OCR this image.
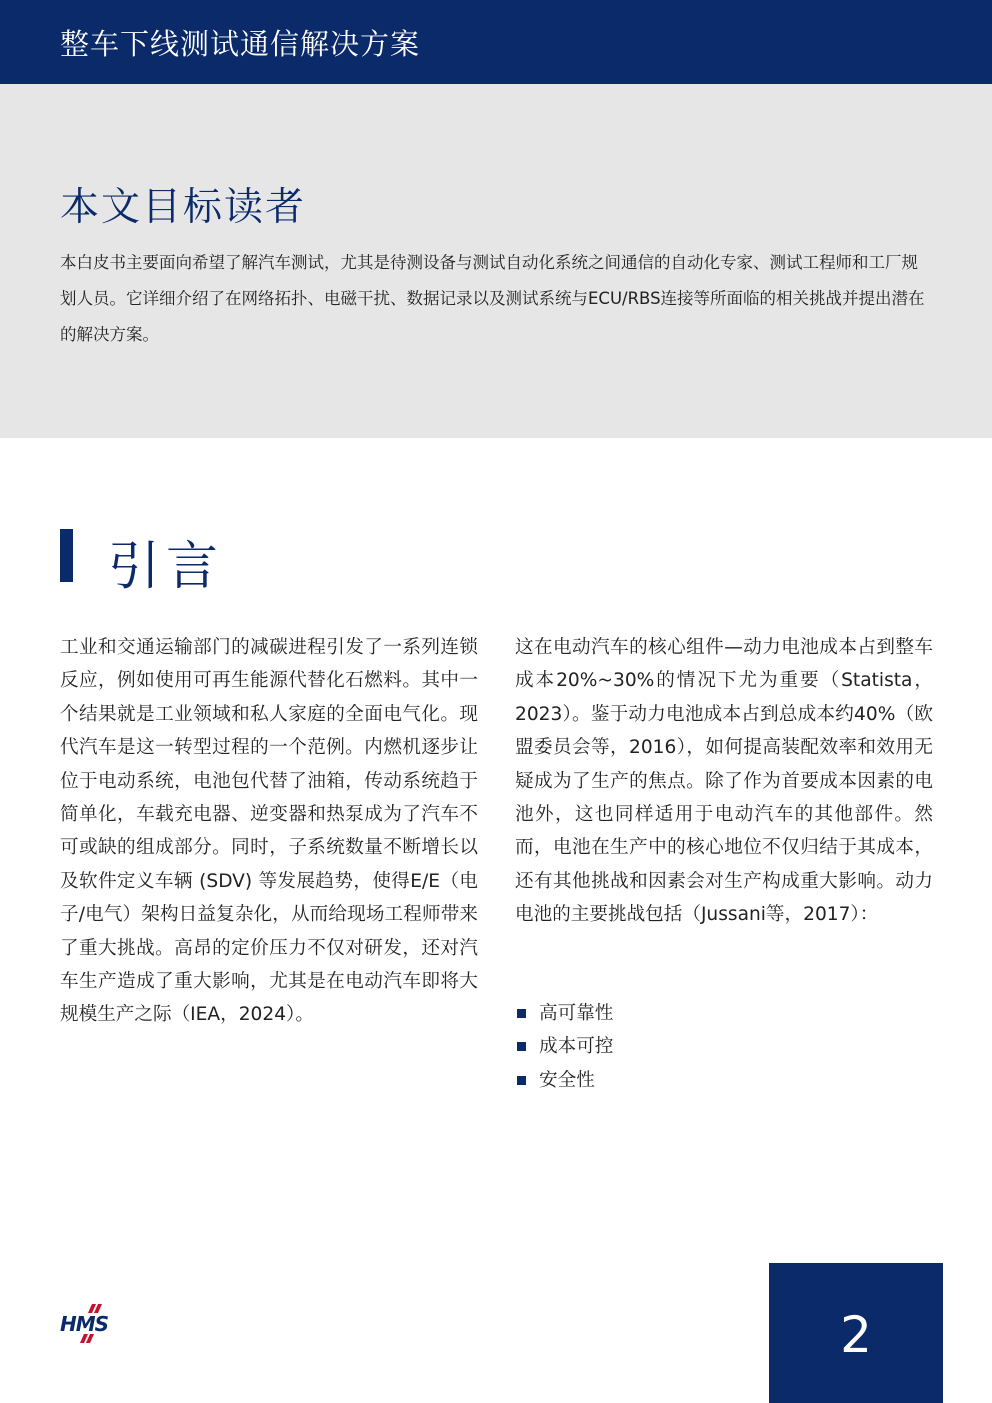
整车下线测试通信解决方案
本文目标读者
本白皮书主要面向希望了解汽车测试，尤其是待测设备与测试自动化系统之间通信的自动化专家、测试工程师和工厂规划人员。它详细介绍了在网络拓扑、电磁干扰、数据记录以及测试系统与ECU/RBS连接等所面临的相关挑战并提出潜在的解决方案。
引言
工业和交通运输部门的减碳进程引发了一系列连锁反应，例如使用可再生能源代替化石燃料。其中一个结果就是工业领域和私人家庭的全面电气化。现代汽车是这一转型过程的一个范例。内燃机逐步让位于电动系统，电池包代替了油箱，传动系统趋于简单化，车载充电器、逆变器和热泵成为了汽车不可或缺的组成部分。同时，子系统数量不断增长以及软件定义车辆 (SDV) 等发展趋势，使得E/E（电子/电气）架构日益复杂化，从而给现场工程师带来了重大挑战。高昂的定价压力不仅对研发，还对汽车生产造成了重大影响，尤其是在电动汽车即将大规模生产之际（IEA，2024）。
这在电动汽车的核心组件—动力电池成本占到整车成本20%~30%的情况下尤为重要（Statista，2023）。鉴于动力电池成本占到总成本约40%（欧盟委员会等，2016），如何提高装配效率和效用无疑成为了生产的焦点。除了作为首要成本因素的电池外，这也同样适用于电动汽车的其他部件。然而，电池在生产中的核心地位不仅归结于其成本，还有其他挑战和因素会对生产构成重大影响。动力电池的主要挑战包括（Jussani等，2017）：
高可靠性
成本可控
安全性
HMS	2
